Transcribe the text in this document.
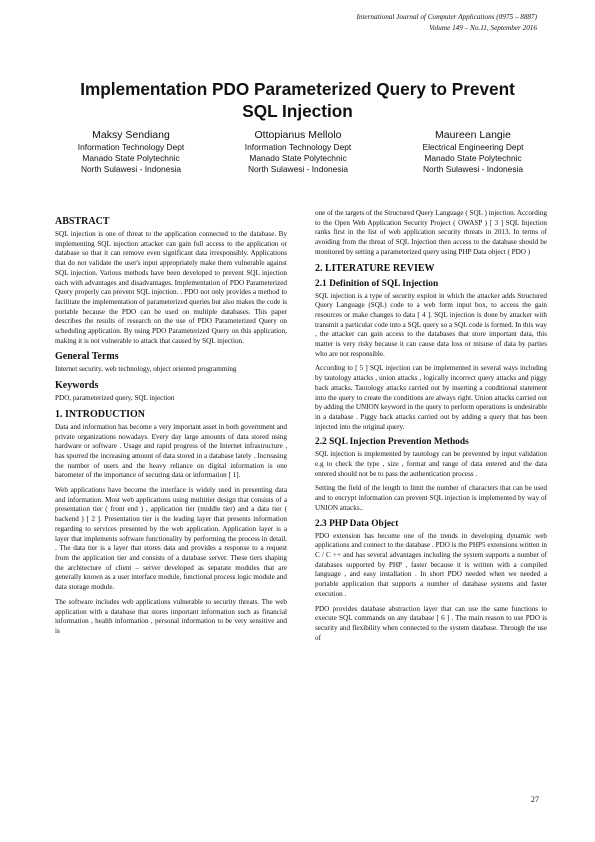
International Journal of Computer Applications (0975 – 8887)
Volume 149 – No.11, September 2016
Implementation PDO Parameterized Query to Prevent
SQL Injection
Maksy Sendiang
Information Technology Dept
Manado State Polytechnic
North Sulawesi - Indonesia
Ottopianus Mellolo
Information Technology Dept
Manado State Polytechnic
North Sulawesi - Indonesia
Maureen Langie
Electrical Engineering Dept
Manado State Polytechnic
North Sulawesi - Indonesia
ABSTRACT

SQL injection is one of threat to the application connected to the database. By implementing SQL injection attacker can gain full access to the application or database so that it can remove even significant data irresponsibly. Applications that do not validate the user's input appropriately make them vulnerable against SQL injection. Various methods have been developed to prevent SQL injection each with advantages and disadvantages. Implementation of PDO Parameterized Query properly can prevent SQL injection. . PDO not only provides a method to facilitate the implementation of parameterized queries but also makes the code is portable because the PDO can be used on multiple databases. This paper describes the results of research on the use of PDO Parameterized Query on scheduling application. By using PDO Parameterized Query on this application, making it is not vulnerable to attack that caused by SQL injection.

General Terms

Internet security, web technology, object oriented programming

Keywords

PDO, parameterized query, SQL injection

1. INTRODUCTION

Data and information has become a very important asset in both government and private organizations nowadays. Every day large amounts of data stored using hardware or software . Usage and rapid progress of the Internet infrastructure , has spurred the increasing amount of data stored in a database lately . Increasing the number of users and the heavy reliance on digital information is one barometer of the importance of securing data or information [ 1].

Web applications have become the interface is widely used in presenting data and information. Most web applications using multitier design that consists of a presentation tier ( front end ) , application tier (middle tier) and a data tier ( backend ) [ 2 ]. Presentation tier is the leading layer that presents information regarding to services presented by the web application. Application layer is a layer that implements software functionality by performing the process in detail. . The data tier is a layer that stores data and provides a response to a request from the application tier and consists of a database server. These tiers shaping the architecture of client – server developed as separate modules that are generally known as a user interface module, functional process logic module and data storage module.

The software includes web applications vulnerable to security threats. The web application with a database that stores important information such as financial information , health information , personal information to be very sensitive and is

one of the targets of the Structured Query Language ( SQL ) injection. According to the Open Web Application Security Project ( OWASP ) [ 3 ] SQL Injection ranks first in the list of web application security threats in 2013. In terms of avoiding from the threat of SQL Injection then access to the database should be monitored by setting a parameterized query using PHP Data object ( PDO )

2. LITERATURE REVIEW
2.1 Definition of SQL Injection

SQL injection is a type of security exploit in which the attacker adds Structured Query Language (SQL) code to a web form input box, to access the gain resources or make changes to data [ 4 ]. SQL injection is done by attacker with transmit a particular code into a SQL query so a SQL code is formed. In this way , the attacker can gain access to the databases that store important data, this matter is very risky because it can cause data loss or misuse of data by parties who are not responsible.

According to [ 5 ] SQL injection can be implemented in several ways including by tautology attacks , union attacks , logically incorrect query attacks and piggy back attacks. Tautology attacks carried out by inserting a conditional statement into the query to create the conditions are always right. Union attacks carried out by adding the UNION keyword in the query to perform operations is undesirable in a database . Piggy back attacks carried out by adding a query that has been injected into the original query.

2.2 SQL Injection Prevention Methods

SQL injection is implemented by tautology can be prevented by input validation e.g to check the type , size , format and range of data entered and the data entered should not be to pass the authentication process .

Setting the field of the length to limit the number of characters that can be used and to encrypt information can prevent SQL injection is implemented by way of UNION attacks..

2.3 PHP Data Object

PDO extension has become one of the trends in developing dynamic web applications and connect to the database . PDO is the PHP5 extensions written in C / C ++ and has several advantages including the system supports a number of databases supported by PHP , faster because it is written with a compiled language , and easy installation . In short PDO needed when we needed a portable application that supports a number of database systems and faster execution .

PDO provides database abstraction layer that can use the same functions to execute SQL commands on any database [ 6 ] . The main reason to use PDO is security and flexibility when connected to the system database. Through the use of

27
